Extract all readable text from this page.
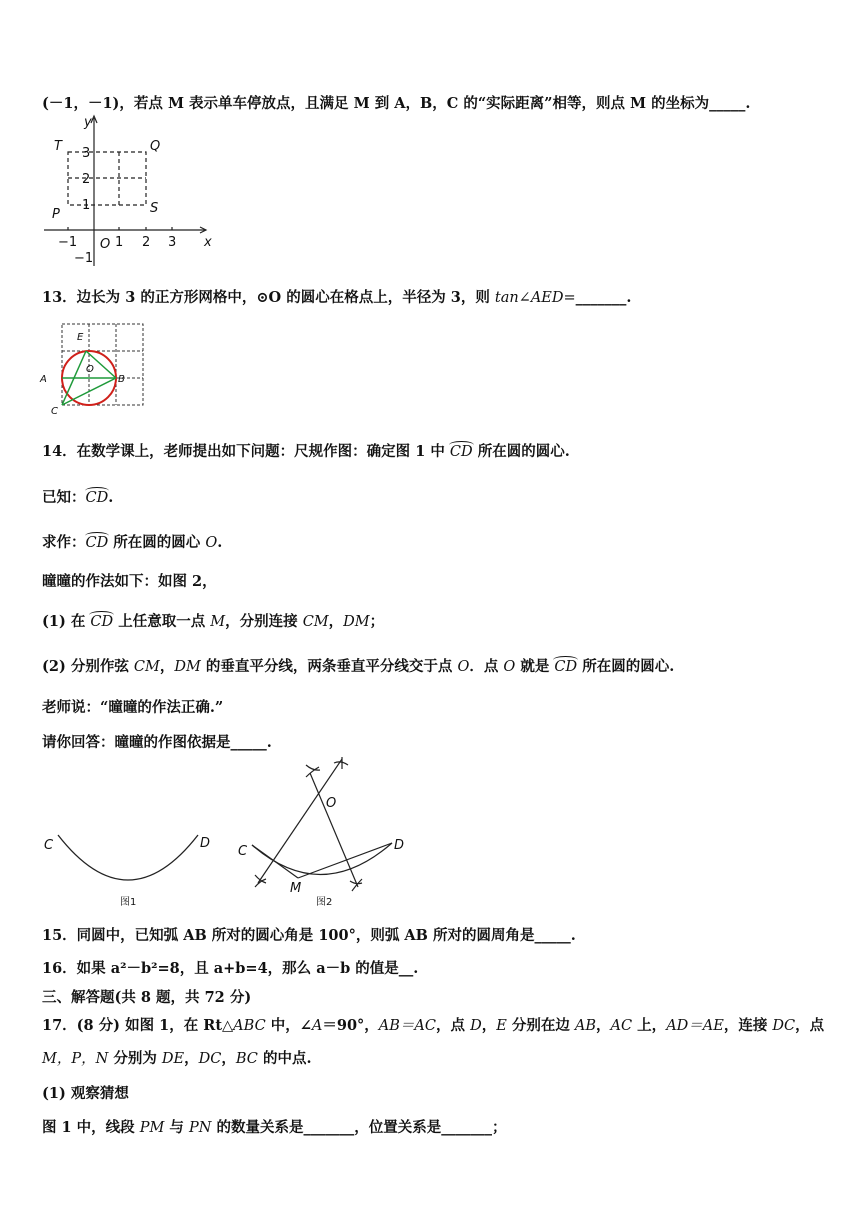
(－1，－1)，若点 M 表示单车停放点，且满足 M 到 A，B，C 的“实际距离”相等，则点 M 的坐标为_____.
O	x
y
−1	1 2 3
3
2
1
−1
T	Q
P	S
13．边长为 3 的正方形网格中，⊙O 的圆心在格点上，半径为 3，则 tan∠AED=_______.
E
O
A	B
C
14．在数学课上，老师提出如下问题：尺规作图：确定图 1 中 CD 所在圆的圆心.
已知：CD.
求作：CD 所在圆的圆心 O.
曈曈的作法如下：如图 2，
(1) 在 CD 上任意取一点 M，分别连接 CM，DM；
(2) 分别作弦 CM，DM 的垂直平分线，两条垂直平分线交于点 O．点 O 就是 CD 所在圆的圆心.
老师说：“曈曈的作法正确.”
请你回答：曈曈的作图依据是_____.
C	D
图1
O
C	D
M
图2
15．同圆中，已知弧 AB 所对的圆心角是 100°，则弧 AB 所对的圆周角是_____.
16．如果 a²－b²=8，且 a+b=4，那么 a－b 的值是__.
三、解答题(共 8 题，共 72 分)
17．(8 分) 如图 1，在 Rt△ABC 中，∠A＝90°，AB＝AC，点 D，E 分别在边 AB，AC 上，AD＝AE，连接 DC，点
M，P，N 分别为 DE，DC，BC 的中点.
(1) 观察猜想
图 1 中，线段 PM 与 PN 的数量关系是_______，位置关系是_______；
